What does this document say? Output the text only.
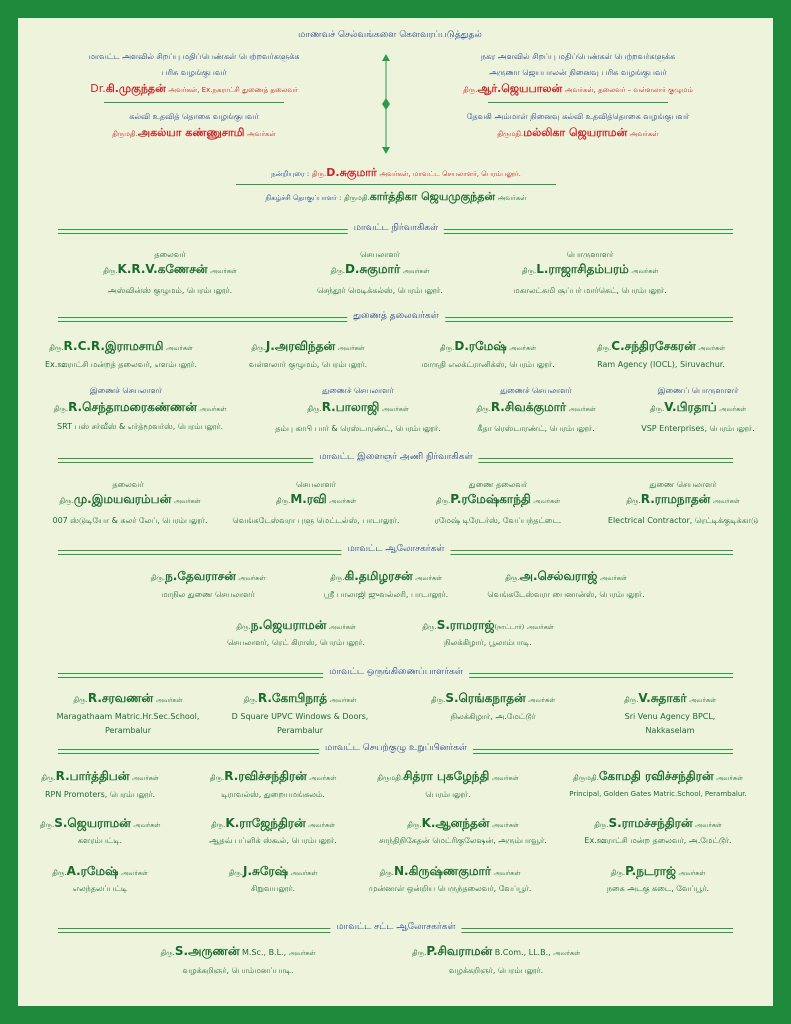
மாணவச் செல்வங்களை கௌவரப்படுத்துதல்
மாவட்ட அளவில் சிறப்பு மதிப்பெண்கள் பெற்றவர்களுக்க
பரிசு வழங்குபவர்
Dr.கி.முகுந்தன் அவர்கள், Ex.நகராட்சி துணைத் தலைவர்
கல்வி உதவித் தொகை வழங்குபவர்
திருமதி.அகல்யா கண்ணுசாமி அவர்கள்
நகர அளவில் சிறப்பு மதிப்பெண்கள் பெற்றவர்களுக்க
அருணா ஜெயபாலன் நினைவு பரிசு வழங்குபவர்
திரு.ஆர்.ஜெயபாலன் அவர்கள், தலைவர் – வள்ளலார் குழுமம்
தேவகி அம்மாள் நினைவு கல்வி உதவித்தொகை வழங்குபவர்
திருமதி.மல்லிகா ஜெயராமன் அவர்கள்
நன்றியுரை : திரு.D.சுகுமார் அவர்கள், மாவட்ட செயலாளர், பெரம்பலூர்.
நிகழ்ச்சி தொகுப்பாளர் : திருமதி.கார்த்திகா ஜெயமுகுந்தன் அவர்கள்
மாவட்ட நிர்வாகிகள்
துணைத் தலைவர்கள்
மாவட்ட இளைஞர் அணி நிர்வாகிகள்
மாவட்ட ஆலோசகர்கள்
மாவட்ட ஒருங்கிணைப்பாளர்கள்
மாவட்ட செயற்குழு உறுப்பினர்கள்
மாவட்ட சட்ட ஆலோசகர்கள்
தலைவர்
திரு.K.R.V.கணேசன் அவர்கள்
அஸ்வின்ஸ் குழுமம், பெரம்பலூர்.
செயலாளர்
திரு.D.சுகுமார் அவர்கள்
செந்தூர் மெடிக்கல்ஸ், பெரம்பலூர்.
பொருளாளர்
திரு.L.ராஜாசிதம்பரம் அவர்கள்
மகாலட்சுமி சூப்பர் மார்கெட், பெரம்பலூர்.
திரு.R.C.R.இராமசாமி அவர்கள்
Ex.ஊராட்சி மன்றத் தலைவர், எளம்பலூர்.
திரு.J.அரவிந்தன் அவர்கள்
வள்ளலார் குழுமம், பெரம்பலூர்.
திரு.D.ரமேஷ் அவர்கள்
மாருதி எலக்ட்ரானிக்ஸ், பெரம்பலூர்.
திரு.C.சந்திரசேகரன் அவர்கள்
Ram Agency (IOCL), Siruvachur.
இணைச் செயலாளர்
திரு.R.செந்தாமரைகண்ணன் அவர்கள்
SRT பஸ் சர்வீஸ் & எர்த்மூவர்ஸ், பெரம்பலூர்.
துணைச் செயலாளர்
திரு.R.பாலாஜி அவர்கள்
தம்பு காபி பார் & ரெஸ்டாரண்ட், பெரம்பலூர்.
துணைச் செயலாளர்
திரு.R.சிவக்குமார் அவர்கள்
கீதா ரெஸ்டாரண்ட், பெரம்பலூர்.
இணைப் பொருளாளர்
திரு.V.பிரதாப் அவர்கள்
VSP Enterprises, பெரம்பலூர்.
தலைவர்
திரு.மு.இமயவரம்பன் அவர்கள்
007 ஸ்டுடியோ & கலர் லேப், பெரம்பலூர்.
செயலாளர்
திரு.M.ரவி அவர்கள்
வெங்கடேஸ்வரா புளு மெட்டல்ஸ், பாடாலூர்.
துணை தலைவர்
திரு.P.ரமேஷ்காந்தி அவர்கள்
ரமேஷ் டிரேடர்ஸ், வேப்பந்தட்டை.
துணை செயலாளர்
திரு.R.ராமநாதன் அவர்கள்
Electrical Contractor, ரெட்டிக்குடிக்காடு
திரு.ந.தேவராசன் அவர்கள்
மாநில துணை செயலாளர்
திரு.கி.தமிழரசன் அவர்கள்
ஸ்ரீ பாலாஜி ஜுவல்லரி, பாடாலூர்.
திரு.அ.செல்வராஜ் அவர்கள்
வெங்கடேஸ்வரா பைனான்ஸ், பெரம்பலூர்.
திரு.ந.ஜெயராமன் அவர்கள்
செயலாளர், ரெட் கிராஸ், பெரம்பலூர்.
திரு.S.ராமராஜ்(நாட்டார்) அவர்கள்
நிலக்கிழார், பூலாம்பாடி.
திரு.R.சரவணன் அவர்கள்
Maragathaam Matric.Hr.Sec.School,
Perambalur
திரு.R.கோபிநாத் அவர்கள்
D Square UPVC Windows & Doors,
Perambalur
திரு.S.ரெங்கநாதன் அவர்கள்
நிலக்கிழார், அ.மேட்டூர்
திரு.V.சுதாகர் அவர்கள்
Sri Venu Agency BPCL,
Nakkaselam
திரு.R.பார்த்திபன் அவர்கள்
RPN Promoters, பெரம்பலூர்.
திரு.R.ரவிச்சந்திரன் அவர்கள்
டிராவல்ஸ், துறையமங்கலம்.
திருமதி.சித்ரா புகழேந்தி அவர்கள்
பெரம்பலூர்.
திருமதி.கோமதி ரவிச்சந்திரன் அவர்கள்
Principal, Golden Gates Matric.School, Perambalur.
திரு.S.ஜெயராமன் அவர்கள்
களரம்பட்டி.
திரு.K.ராஜேந்திரன் அவர்கள்
ஆதவ் பப்ளிக் ஸ்கூல், பெரம்பலூர்.
திரு.K.ஆனந்தன் அவர்கள்
சாந்திநிகேதன் மெட்ரிகுலேஷன், அரும்பாவூர்.
திரு.S.ராமச்சந்திரன் அவர்கள்
Ex.ஊராட்சி மன்ற தலைவர், அ.மேட்டூர்.
திரு.A.ரமேஷ் அவர்கள்
எலந்தலப்பட்டி
திரு.J.சுரேஷ் அவர்கள்
சிறுவயலூர்.
திரு.N.கிருஷ்ணகுமார் அவர்கள்
முன்னாள் ஒன்றிய பெருந்தலைவர், வேப்பூர்.
திரு.P.நடராஜ் அவர்கள்
நகை அடகு கடை, வேப்பூர்.
திரு.S.அருணன் M.Sc., B.L., அவர்கள்
வழக்கறிஞர், பொம்மனப்பாடி.
திரு.P.சிவராமன் B.Com., LL.B., அவர்கள்
வழக்கறிஞர், பெரம்பலூர்.
